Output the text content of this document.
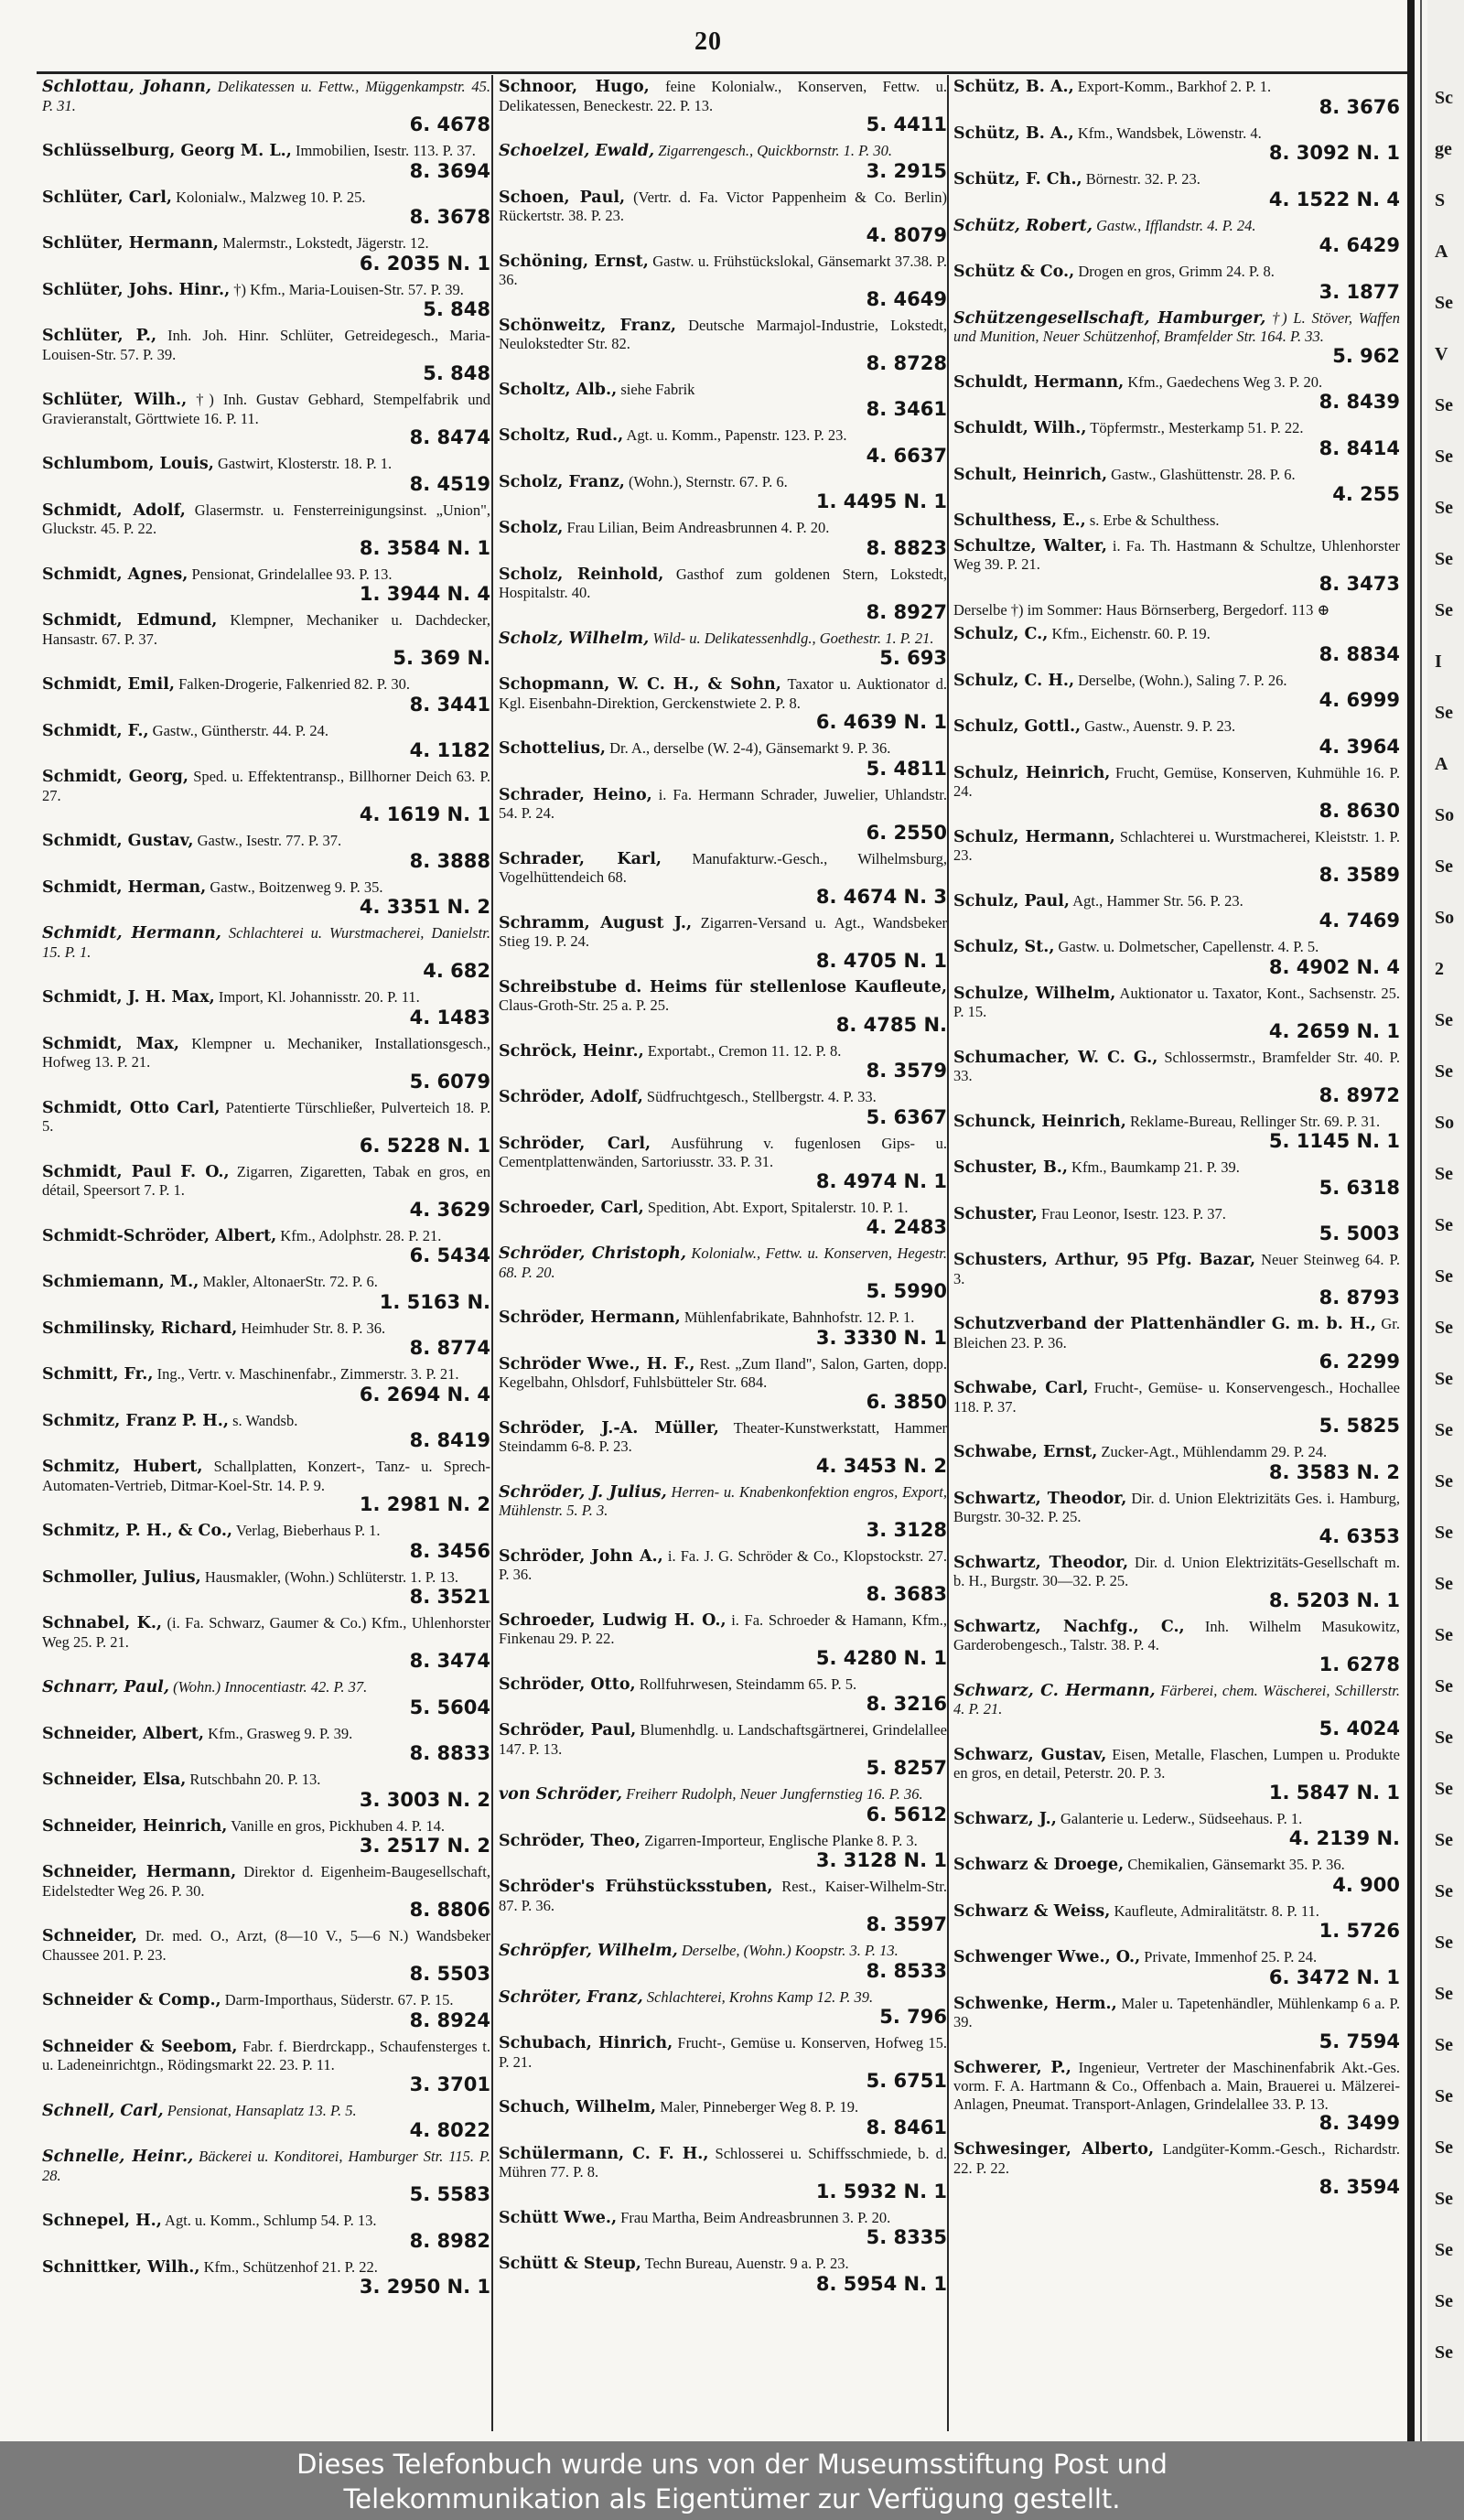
20
Schlottau, Johann, Delikatessen u. Fettw., Müggenkampstr. 45. P. 31.
6. 4678
Schlüsselburg, Georg M. L., Immobilien, Isestr. 113. P. 37.
8. 3694
Schlüter, Carl, Kolonialw., Malzweg 10. P. 25.
8. 3678
Schlüter, Hermann, Malermstr., Lokstedt, Jägerstr. 12.
6. 2035 N. 1
Schlüter, Johs. Hinr., †) Kfm., Maria-Louisen-Str. 57. P. 39.
5. 848
Schlüter, P., Inh. Joh. Hinr. Schlüter, Getreidegesch., Maria-Louisen-Str. 57. P. 39.
5. 848
Schlüter, Wilh., †) Inh. Gustav Gebhard, Stempelfabrik und Gravieranstalt, Görttwiete 16. P. 11.
8. 8474
Schlumbom, Louis, Gastwirt, Klosterstr. 18. P. 1.
8. 4519
Schmidt, Adolf, Glasermstr. u. Fensterreinigungsinst. „Union", Gluckstr. 45. P. 22.
8. 3584 N. 1
Schmidt, Agnes, Pensionat, Grindelallee 93. P. 13.
1. 3944 N. 4
Schmidt, Edmund, Klempner, Mechaniker u. Dachdecker, Hansastr. 67. P. 37.
5. 369 N.
Schmidt, Emil, Falken-Drogerie, Falkenried 82. P. 30.
8. 3441
Schmidt, F., Gastw., Güntherstr. 44. P. 24.
4. 1182
Schmidt, Georg, Sped. u. Effektentransp., Billhorner Deich 63. P. 27.
4. 1619 N. 1
Schmidt, Gustav, Gastw., Isestr. 77. P. 37.
8. 3888
Schmidt, Herman, Gastw., Boitzenweg 9. P. 35.
4. 3351 N. 2
Schmidt, Hermann, Schlachterei u. Wurstmacherei, Danielstr. 15. P. 1.
4. 682
Schmidt, J. H. Max, Import, Kl. Johannisstr. 20. P. 11.
4. 1483
Schmidt, Max, Klempner u. Mechaniker, Installationsgesch., Hofweg 13. P. 21.
5. 6079
Schmidt, Otto Carl, Patentierte Türschließer, Pulverteich 18. P. 5.
6. 5228 N. 1
Schmidt, Paul F. O., Zigarren, Zigaretten, Tabak en gros, en détail, Speersort 7. P. 1.
4. 3629
Schmidt-Schröder, Albert, Kfm., Adolphstr. 28. P. 21.
6. 5434
Schmiemann, M., Makler, AltonaerStr. 72. P. 6.
1. 5163 N.
Schmilinsky, Richard, Heimhuder Str. 8. P. 36.
8. 8774
Schmitt, Fr., Ing., Vertr. v. Maschinenfabr., Zimmerstr. 3. P. 21.
6. 2694 N. 4
Schmitz, Franz P. H., s. Wandsb.
8. 8419
Schmitz, Hubert, Schallplatten, Konzert-, Tanz- u. Sprech-Automaten-Vertrieb, Ditmar-Koel-Str. 14. P. 9.
1. 2981 N. 2
Schmitz, P. H., & Co., Verlag, Bieberhaus P. 1.
8. 3456
Schmoller, Julius, Hausmakler, (Wohn.) Schlüterstr. 1. P. 13.
8. 3521
Schnabel, K., (i. Fa. Schwarz, Gaumer & Co.) Kfm., Uhlenhorster Weg 25. P. 21.
8. 3474
Schnarr, Paul, (Wohn.) Innocentiastr. 42. P. 37.
5. 5604
Schneider, Albert, Kfm., Grasweg 9. P. 39.
8. 8833
Schneider, Elsa, Rutschbahn 20. P. 13.
3. 3003 N. 2
Schneider, Heinrich, Vanille en gros, Pickhuben 4. P. 14.
3. 2517 N. 2
Schneider, Hermann, Direktor d. Eigenheim-Baugesellschaft, Eidelstedter Weg 26. P. 30.
8. 8806
Schneider, Dr. med. O., Arzt, (8—10 V., 5—6 N.) Wandsbeker Chaussee 201. P. 23.
8. 5503
Schneider & Comp., Darm-Importhaus, Süderstr. 67. P. 15.
8. 8924
Schneider & Seebom, Fabr. f. Bierdrckapp., Schaufensterges t. u. Ladeneinrichtgn., Rödingsmarkt 22. 23. P. 11.
3. 3701
Schnell, Carl, Pensionat, Hansaplatz 13. P. 5.
4. 8022
Schnelle, Heinr., Bäckerei u. Konditorei, Hamburger Str. 115. P. 28.
5. 5583
Schnepel, H., Agt. u. Komm., Schlump 54. P. 13.
8. 8982
Schnittker, Wilh., Kfm., Schützenhof 21. P. 22.
3. 2950 N. 1
Schnoor, Hugo, feine Kolonialw., Konserven, Fettw. u. Delikatessen, Beneckestr. 22. P. 13.
5. 4411
Schoelzel, Ewald, Zigarrengesch., Quickbornstr. 1. P. 30.
3. 2915
Schoen, Paul, (Vertr. d. Fa. Victor Pappenheim & Co. Berlin) Rückertstr. 38. P. 23.
4. 8079
Schöning, Ernst, Gastw. u. Frühstückslokal, Gänsemarkt 37.38. P. 36.
8. 4649
Schönweitz, Franz, Deutsche Marmajol-Industrie, Lokstedt, Neulokstedter Str. 82.
8. 8728
Scholtz, Alb., siehe Fabrik
8. 3461
Scholtz, Rud., Agt. u. Komm., Papenstr. 123. P. 23.
4. 6637
Scholz, Franz, (Wohn.), Sternstr. 67. P. 6.
1. 4495 N. 1
Scholz, Frau Lilian, Beim Andreasbrunnen 4. P. 20.
8. 8823
Scholz, Reinhold, Gasthof zum goldenen Stern, Lokstedt, Hospitalstr. 40.
8. 8927
Scholz, Wilhelm, Wild- u. Delikatessenhdlg., Goethestr. 1. P. 21.
5. 693
Schopmann, W. C. H., & Sohn, Taxator u. Auktionator d. Kgl. Eisenbahn-Direktion, Gerckenstwiete 2. P. 8.
6. 4639 N. 1
Schottelius, Dr. A., derselbe (W. 2-4), Gänsemarkt 9. P. 36.
5. 4811
Schrader, Heino, i. Fa. Hermann Schrader, Juwelier, Uhlandstr. 54. P. 24.
6. 2550
Schrader, Karl, Manufakturw.-Gesch., Wilhelmsburg, Vogelhüttendeich 68.
8. 4674 N. 3
Schramm, August J., Zigarren-Versand u. Agt., Wandsbeker Stieg 19. P. 24.
8. 4705 N. 1
Schreibstube d. Heims für stellenlose Kaufleute, Claus-Groth-Str. 25 a. P. 25.
8. 4785 N.
Schröck, Heinr., Exportabt., Cremon 11. 12. P. 8.
8. 3579
Schröder, Adolf, Südfruchtgesch., Stellbergstr. 4. P. 33.
5. 6367
Schröder, Carl, Ausführung v. fugenlosen Gips- u. Cementplattenwänden, Sartoriusstr. 33. P. 31.
8. 4974 N. 1
Schroeder, Carl, Spedition, Abt. Export, Spitalerstr. 10. P. 1.
4. 2483
Schröder, Christoph, Kolonialw., Fettw. u. Konserven, Hegestr. 68. P. 20.
5. 5990
Schröder, Hermann, Mühlenfabrikate, Bahnhofstr. 12. P. 1.
3. 3330 N. 1
Schröder Wwe., H. F., Rest. „Zum Iland", Salon, Garten, dopp. Kegelbahn, Ohlsdorf, Fuhlsbütteler Str. 684.
6. 3850
Schröder, J.-A. Müller, Theater-Kunstwerkstatt, Hammer Steindamm 6-8. P. 23.
4. 3453 N. 2
Schröder, J. Julius, Herren- u. Knabenkonfektion engros, Export, Mühlenstr. 5. P. 3.
3. 3128
Schröder, John A., i. Fa. J. G. Schröder & Co., Klopstockstr. 27. P. 36.
8. 3683
Schroeder, Ludwig H. O., i. Fa. Schroeder & Hamann, Kfm., Finkenau 29. P. 22.
5. 4280 N. 1
Schröder, Otto, Rollfuhrwesen, Steindamm 65. P. 5.
8. 3216
Schröder, Paul, Blumenhdlg. u. Landschaftsgärtnerei, Grindelallee 147. P. 13.
5. 8257
von Schröder, Freiherr Rudolph, Neuer Jungfernstieg 16. P. 36.
6. 5612
Schröder, Theo, Zigarren-Importeur, Englische Planke 8. P. 3.
3. 3128 N. 1
Schröder's Frühstücksstuben, Rest., Kaiser-Wilhelm-Str. 87. P. 36.
8. 3597
Schröpfer, Wilhelm, Derselbe, (Wohn.) Koopstr. 3. P. 13.
8. 8533
Schröter, Franz, Schlachterei, Krohns Kamp 12. P. 39.
5. 796
Schubach, Hinrich, Frucht-, Gemüse u. Konserven, Hofweg 15. P. 21.
5. 6751
Schuch, Wilhelm, Maler, Pinneberger Weg 8. P. 19.
8. 8461
Schülermann, C. F. H., Schlosserei u. Schiffsschmiede, b. d. Mühren 77. P. 8.
1. 5932 N. 1
Schütt Wwe., Frau Martha, Beim Andreasbrunnen 3. P. 20.
5. 8335
Schütt & Steup, Techn Bureau, Auenstr. 9 a. P. 23.
8. 5954 N. 1
Schütz, B. A., Export-Komm., Barkhof 2. P. 1.
8. 3676
Schütz, B. A., Kfm., Wandsbek, Löwenstr. 4.
8. 3092 N. 1
Schütz, F. Ch., Börnestr. 32. P. 23.
4. 1522 N. 4
Schütz, Robert, Gastw., Ifflandstr. 4. P. 24.
4. 6429
Schütz & Co., Drogen en gros, Grimm 24. P. 8.
3. 1877
Schützengesellschaft, Hamburger, †) L. Stöver, Waffen und Munition, Neuer Schützenhof, Bramfelder Str. 164. P. 33.
5. 962
Schuldt, Hermann, Kfm., Gaedechens Weg 3. P. 20.
8. 8439
Schuldt, Wilh., Töpfermstr., Mesterkamp 51. P. 22.
8. 8414
Schult, Heinrich, Gastw., Glashüttenstr. 28. P. 6.
4. 255
Schulthess, E., s. Erbe & Schulthess.
Schultze, Walter, i. Fa. Th. Hastmann & Schultze, Uhlenhorster Weg 39. P. 21.
8. 3473
Derselbe †) im Sommer: Haus Börnserberg, Bergedorf. 113 ⊕
Schulz, C., Kfm., Eichenstr. 60. P. 19.
8. 8834
Schulz, C. H., Derselbe, (Wohn.), Saling 7. P. 26.
4. 6999
Schulz, Gottl., Gastw., Auenstr. 9. P. 23.
4. 3964
Schulz, Heinrich, Frucht, Gemüse, Konserven, Kuhmühle 16. P. 24.
8. 8630
Schulz, Hermann, Schlachterei u. Wurstmacherei, Kleiststr. 1. P. 23.
8. 3589
Schulz, Paul, Agt., Hammer Str. 56. P. 23.
4. 7469
Schulz, St., Gastw. u. Dolmetscher, Capellenstr. 4. P. 5.
8. 4902 N. 4
Schulze, Wilhelm, Auktionator u. Taxator, Kont., Sachsenstr. 25. P. 15.
4. 2659 N. 1
Schumacher, W. C. G., Schlossermstr., Bramfelder Str. 40. P. 33.
8. 8972
Schunck, Heinrich, Reklame-Bureau, Rellinger Str. 69. P. 31.
5. 1145 N. 1
Schuster, B., Kfm., Baumkamp 21. P. 39.
5. 6318
Schuster, Frau Leonor, Isestr. 123. P. 37.
5. 5003
Schusters, Arthur, 95 Pfg. Bazar, Neuer Steinweg 64. P. 3.
8. 8793
Schutzverband der Plattenhändler G. m. b. H., Gr. Bleichen 23. P. 36.
6. 2299
Schwabe, Carl, Frucht-, Gemüse- u. Konservengesch., Hochallee 118. P. 37.
5. 5825
Schwabe, Ernst, Zucker-Agt., Mühlendamm 29. P. 24.
8. 3583 N. 2
Schwartz, Theodor, Dir. d. Union Elektrizitäts Ges. i. Hamburg, Burgstr. 30-32. P. 25.
4. 6353
Schwartz, Theodor, Dir. d. Union Elektrizitäts-Gesellschaft m. b. H., Burgstr. 30—32. P. 25.
8. 5203 N. 1
Schwartz, Nachfg., C., Inh. Wilhelm Masukowitz, Garderobengesch., Talstr. 38. P. 4.
1. 6278
Schwarz, C. Hermann, Färberei, chem. Wäscherei, Schillerstr. 4. P. 21.
5. 4024
Schwarz, Gustav, Eisen, Metalle, Flaschen, Lumpen u. Produkte en gros, en detail, Peterstr. 20. P. 3.
1. 5847 N. 1
Schwarz, J., Galanterie u. Lederw., Südseehaus. P. 1.
4. 2139 N.
Schwarz & Droege, Chemikalien, Gänsemarkt 35. P. 36.
4. 900
Schwarz & Weiss, Kaufleute, Admiralitätstr. 8. P. 11.
1. 5726
Schwenger Wwe., O., Private, Immenhof 25. P. 24.
6. 3472 N. 1
Schwenke, Herm., Maler u. Tapetenhändler, Mühlenkamp 6 a. P. 39.
5. 7594
Schwerer, P., Ingenieur, Vertreter der Maschinenfabrik Akt.-Ges. vorm. F. A. Hartmann & Co., Offenbach a. Main, Brauerei u. Mälzerei-Anlagen, Pneumat. Transport-Anlagen, Grindelallee 33. P. 13.
8. 3499
Schwesinger, Alberto, Landgüter-Komm.-Gesch., Richardstr. 22. P. 22.
8. 3594
Sc
ge
S
A
Se
V
Se
Se
Se
Se
Se
I
Se
A
So
Se
So
2
Se
Se
So
Se
Se
Se
Se
Se
Se
Se
Se
Se
Se
Se
Se
Se
Se
Se
Se
Se
Se
Se
Se
Se
Se
Se
Se
Dieses Telefonbuch wurde uns von der Museumsstiftung Post und
Telekommunikation als Eigentümer zur Verfügung gestellt.
